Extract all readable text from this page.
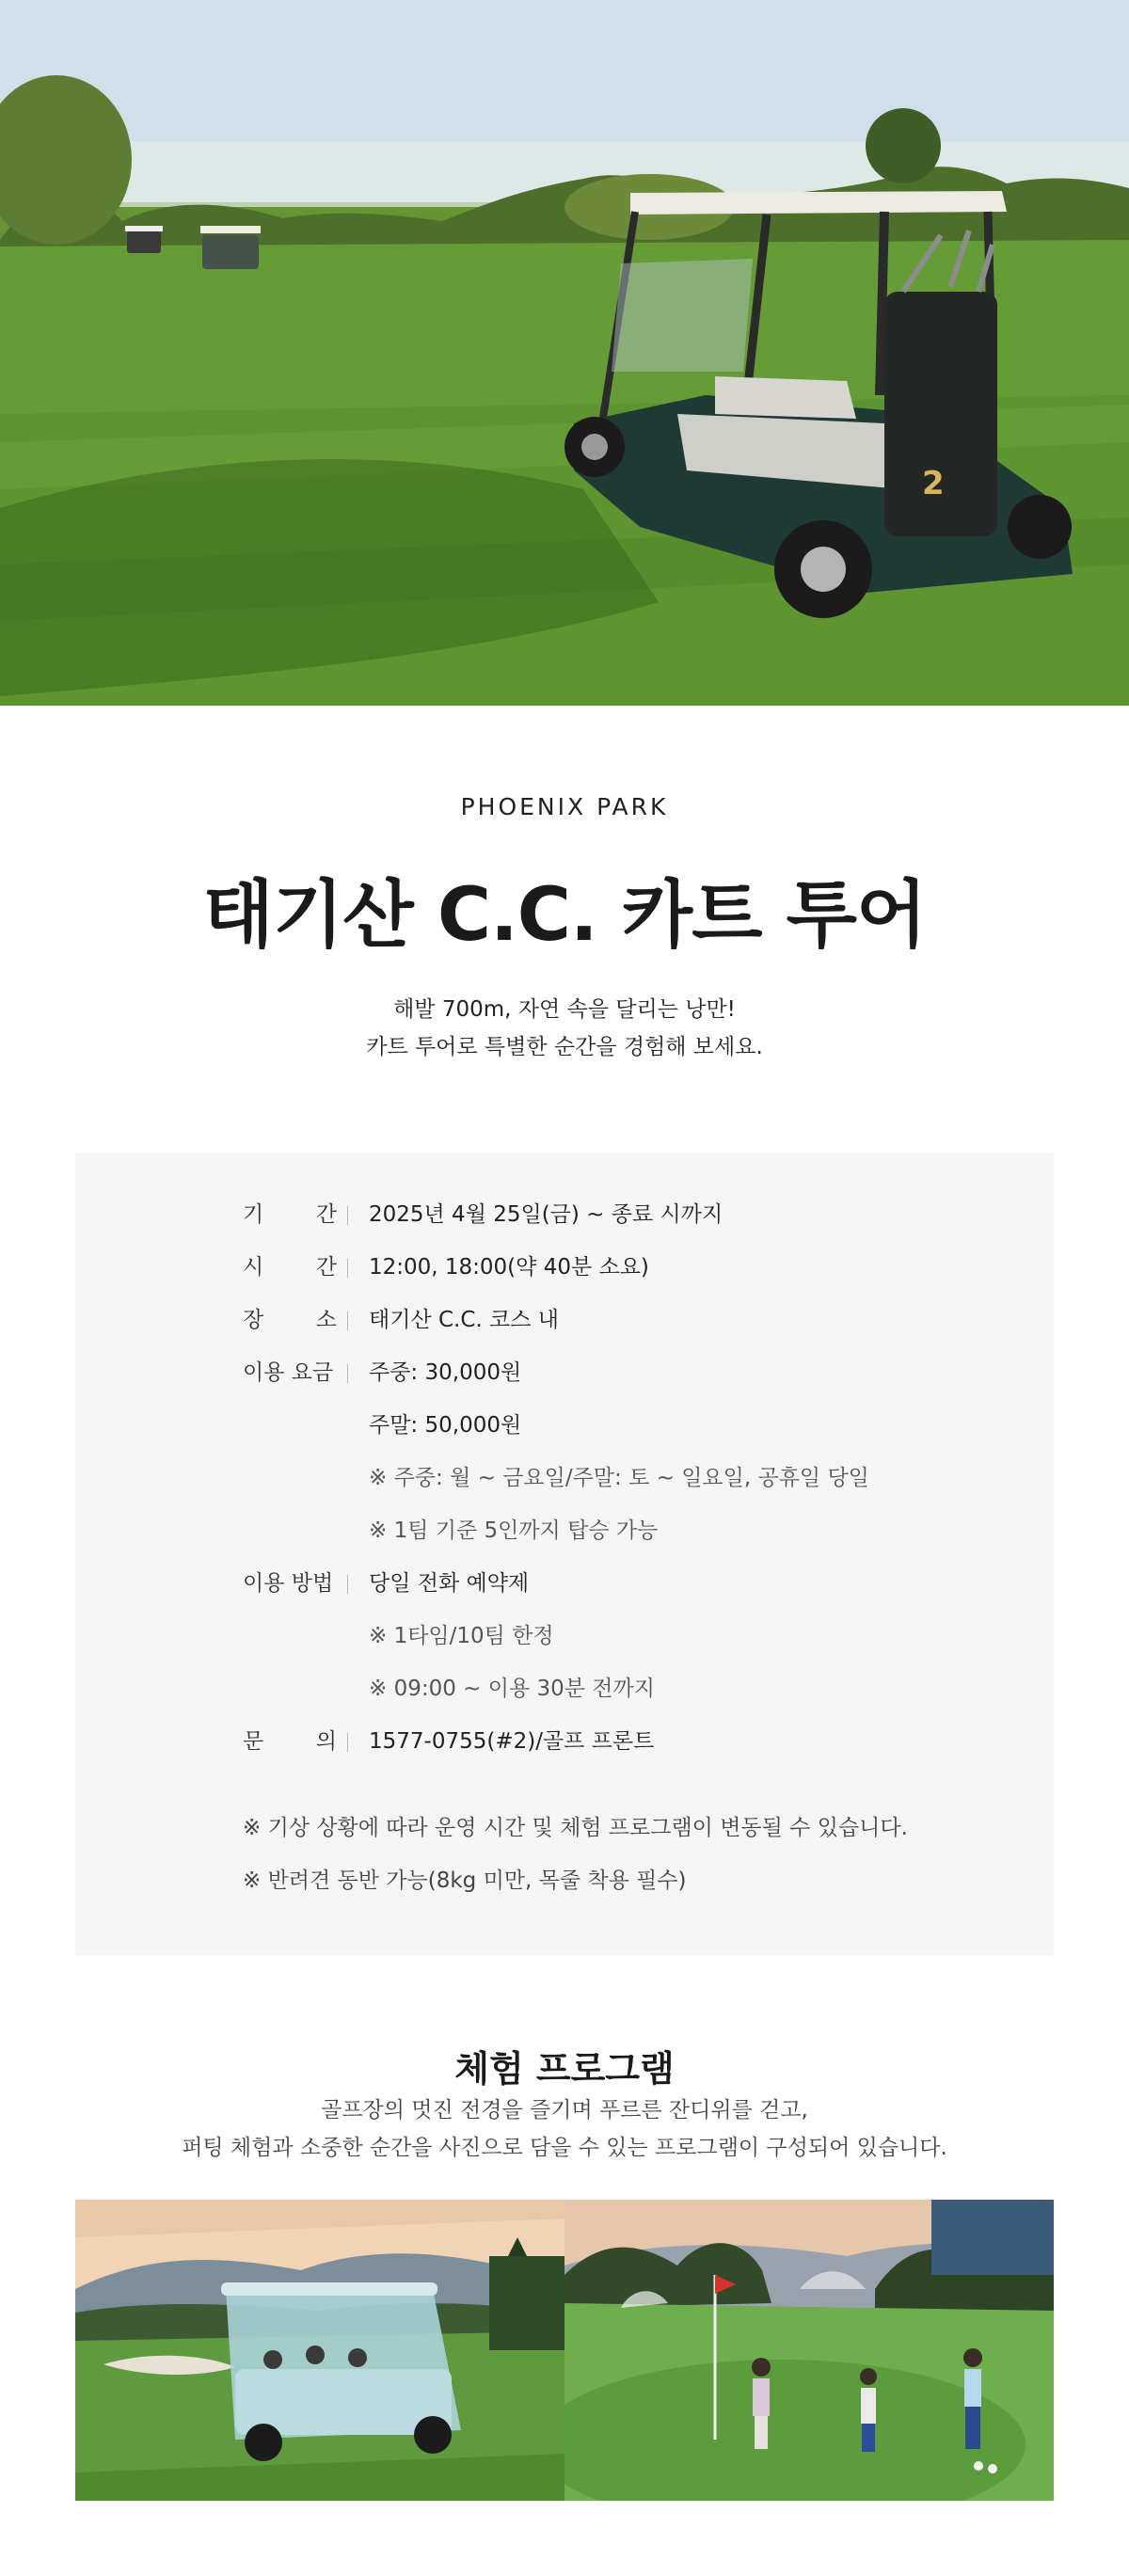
2
PHOENIX PARK
태기산 C.C. 카트 투어
해발 700m, 자연 속을 달리는 낭만!
카트 투어로 특별한 순간을 경험해 보세요.
기 간 2025년 4월 25일(금) ~ 종료 시까지
시 간 12:00, 18:00(약 40분 소요)
장 소 태기산 C.C. 코스 내
이용 요금 주중: 30,000원
주말: 50,000원
※ 주중: 월 ~ 금요일/주말: 토 ~ 일요일, 공휴일 당일
※ 1팀 기준 5인까지 탑승 가능
이용 방법 당일 전화 예약제
※ 1타임/10팀 한정
※ 09:00 ~ 이용 30분 전까지
문 의 1577-0755(#2)/골프 프론트
※ 기상 상황에 따라 운영 시간 및 체험 프로그램이 변동될 수 있습니다.
※ 반려견 동반 가능(8kg 미만, 목줄 착용 필수)
체험 프로그램
골프장의 멋진 전경을 즐기며 푸르른 잔디위를 걷고,
퍼팅 체험과 소중한 순간을 사진으로 담을 수 있는 프로그램이 구성되어 있습니다.
